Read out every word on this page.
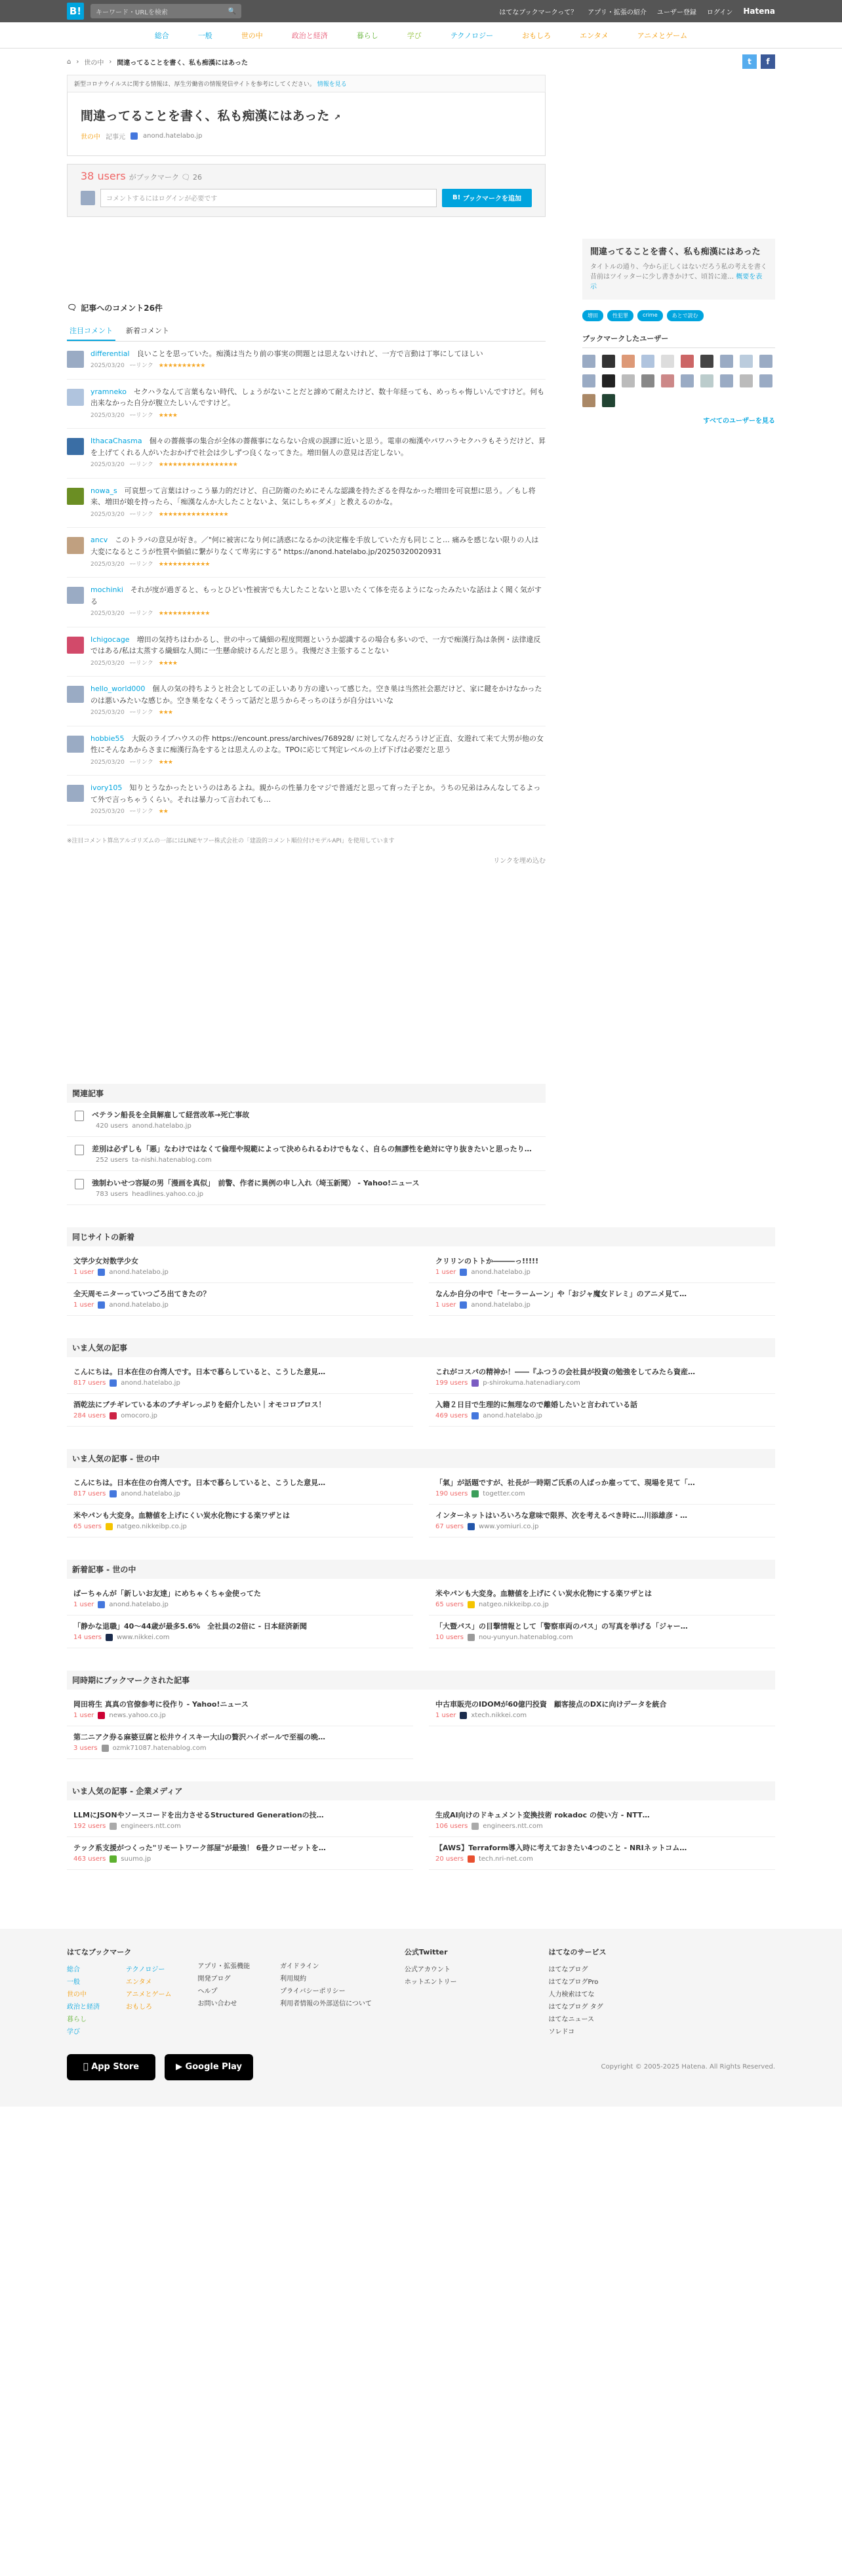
B!	キーワード・URLを検索	🔍	はてなブックマークって？ アプリ・拡張の紹介 ユーザー登録 ログイン Hatena
総合	一般	世の中	政治と経済	暮らし	学び	テクノロジー	おもしろ	エンタメ	アニメとゲーム
⌂ › 世の中 › 間違ってることを書く、私も痴漢にはあった	t	f
新型コロナウイルスに関する情報は、厚生労働省の情報発信サイトを参考にしてください。 情報を見る
間違ってることを書く、私も痴漢にはあった ↗
世の中 記事元	anond.hatelabo.jp
38 users がブックマーク 🗨 26
コメントするにはログインが必要です	B! ブックマークを追加
🗨 記事へのコメント26件
注目コメント	新着コメント
differential　 良いことを思っていた。痴漢は当たり前の事実の問題とは思えないけれど、一方で言動は丁寧にしてほしい
2025/03/20 ｰｰリンク ★★★★★★★★★★
yramneko　 セクハラなんて言葉もない時代、しょうがないことだと諦めて耐えたけど、数十年経っても、めっちゃ悔しいんですけど。何も出来なかった自分が腹立たしいんですけど。
2025/03/20 ｰｰリンク ★★★★
IthacaChasma　 個々の薔薇事の集合が全体の薔薇事にならない合成の誤謬に近いと思う。電車の痴漢やパワハラセクハラもそうだけど、昇を上げてくれる人がいたおかげで社会は少しずつ良くなってきた。増田個人の意見は否定しない。
2025/03/20 ｰｰリンク ★★★★★★★★★★★★★★★★★
nowa_s　 可哀想って言葉はけっこう暴力的だけど、自己防衛のためにそんな認識を持たざるを得なかった増田を可哀想に思う。／もし将来、増田が娘を持ったら、「痴漢なんか大したことないよ、気にしちゃダメ」と教えるのかな。
2025/03/20 ｰｰリンク ★★★★★★★★★★★★★★★
ancv　 このトラバの意見が好き。／"何に被害になり何に誘惑になるかの決定権を手放していた方も同じこと… 痛みを感じない限りの人は大変になるとこうが性質や価値に繋がりなくて卑劣にする" https://anond.hatelabo.jp/20250320020931
2025/03/20 ｰｰリンク ★★★★★★★★★★★
mochinki　 それが度が過ぎると、もっとひどい性被害でも大したことないと思いたくて体を売るようになったみたいな話はよく聞く気がする
2025/03/20 ｰｰリンク ★★★★★★★★★★★
Ichigocage　 増田の気持ちはわかるし、世の中って繊細の程度問題というか認識するの場合も多いので、一方で痴漢行為は条例・法律違反ではある/私は太蒸する繊細な人間に一生懸命続けるんだと思う。我慢ださ主張することない
2025/03/20 ｰｰリンク ★★★★
hello_world000　 個人の気の持ちようと社会としての正しいあり方の違いって感じた。空き巣は当然社会悪だけど、家に鍵をかけなかったのは悪いみたいな感じか。空き巣をなくそうって話だと思うからそっちのほうが自分はいいな
2025/03/20 ｰｰリンク ★★★
hobbie55　 大阪のライブハウスの件 https://encount.press/archives/768928/ に対してなんだろうけど正直、女遊れて来て大男が他の女性にそんなあからさまに痴漢行為をするとは思えんのよな。TPOに応じて判定レベルの上げ下げは必要だと思う
2025/03/20 ｰｰリンク ★★★
ivory105　 知りとうなかったというのはあるよね。親からの性暴力をマジで普通だと思って育った子とか。うちの兄弟はみんなしてるよって外で言っちゃうくらい。それは暴力って言われても…
2025/03/20 ｰｰリンク ★★
※注目コメント算出アルゴリズムの一部にはLINEヤフー株式会社の「建設的コメント順位付けモデルAPI」を使用しています
リンクを埋め込む
関連記事
ベテラン船長を全員解雇して経営改革→死亡事故
420 users anond.hatelabo.jp
差別は必ずしも「悪」なわけではなくて倫理や規範によって決められるわけでもなく、自らの無謬性を絶対に守り抜きたいと思ったり…
252 users ta-nishi.hatenablog.com
強制わいせつ容疑の男「漫画を真似」　前警、作者に異例の申し入れ（埼玉新聞） - Yahoo!ニュース
783 users headlines.yahoo.co.jp
間違ってることを書く、私も痴漢にはあった

タイトルの通り、今から正しくはないだろう私の考えを書く 昔前はツイッターに少し書きかけて、頃旨に違… 概要を表示

増田	性犯罪	crime	あとで読む
ブックマークしたユーザー
すべてのユーザーを見る
同じサイトの新着
文学少女対数学少女
1 user anond.hatelabo.jp
クリリンのトトか―――っ!!!!!
1 user anond.hatelabo.jp
全天周モニターっていつごろ出てきたの？
1 user anond.hatelabo.jp
なんか自分の中で「セーラームーン」や「おジャ魔女ドレミ」のアニメ見て…
1 user anond.hatelabo.jp
いま人気の記事
こんにちは。日本在住の台湾人です。日本で暮らしていると、こうした意見…
817 users anond.hatelabo.jp
これがコスパの精神か！――『ふつうの会社員が投資の勉強をしてみたら資産…
199 users p-shirokuma.hatenadiary.com
酒乾法にブチギレている本のブチギレっぷりを紹介したい｜オモコロブロス！
284 users omocoro.jp
入籍２日目で生理的に無理なので離婚したいと言われている話
469 users anond.hatelabo.jp
いま人気の記事 - 世の中
こんにちは。日本在住の台湾人です。日本で暮らしていると、こうした意見…
817 users anond.hatelabo.jp
「氣」が話題ですが、社長が一時期ご氏系の人ばっか雇ってて、現場を見て「…
190 users togetter.com
米やパンも大変身。血糖値を上げにくい炭水化物にする楽ワザとは
65 users natgeo.nikkeibp.co.jp
インターネットはいろいろな意味で限界、次を考えるべき時に…川添雄彦・…
67 users www.yomiuri.co.jp
新着記事 - 世の中
ばーちゃんが「新しいお友達」にめちゃくちゃ金使ってた
1 user anond.hatelabo.jp
米やパンも大変身。血糖値を上げにくい炭水化物にする楽ワザとは
65 users natgeo.nikkeibp.co.jp
「静かな退職」40～44歳が最多5.6%　全社員の2倍に - 日本経済新聞
14 users www.nikkei.com
「大暨パス」の目撃情報として「警察車両のパス」の写真を挙げる「ジャー…
10 users nou-yunyun.hatenablog.com
同時期にブックマークされた記事
岡田将生 真真の官僚参考に役作り - Yahoo!ニュース
1 user news.yahoo.co.jp
中古車販売のIDOMが60億円投資　顧客接点のDXに向けデータを統合
1 user xtech.nikkei.com
第二ニアク券る麻婆豆腐と松井ウイスキー大山の贅沢ハイボールで至福の晩…
3 users ozmk71087.hatenablog.com
いま人気の記事 - 企業メディア
LLMにJSONやソースコードを出力させるStructured Generationの技…
192 users engineers.ntt.com
生成AI向けのドキュメント変換技術 rokadoc の使い方 - NTT…
106 users engineers.ntt.com
テック系支援がつくった"リモートワーク部屋"が最強！ 6畳クローゼットを…
463 users suumo.jp
【AWS】Terraform導入時に考えておきたい4つのこと - NRIネットコム…
20 users tech.nri-net.com
はてなブックマーク
総合
一般
世の中
政治と経済
暮らし
学び
テクノロジー
エンタメ
アニメとゲーム
おもしろ
アプリ・拡張機能
開発ブログ
ヘルプ
お問い合わせ
ガイドライン
利用規約
プライバシーポリシー
利用者情報の外部送信について
公式Twitter
公式アカウント
ホットエントリー
はてなのサービス
はてなブログ
はてなブログPro
人力検索はてな
はてなブログ タグ
はてなニュース
ソレドコ
App Store	▶ Google Play	Copyright © 2005-2025 Hatena. All Rights Reserved.
